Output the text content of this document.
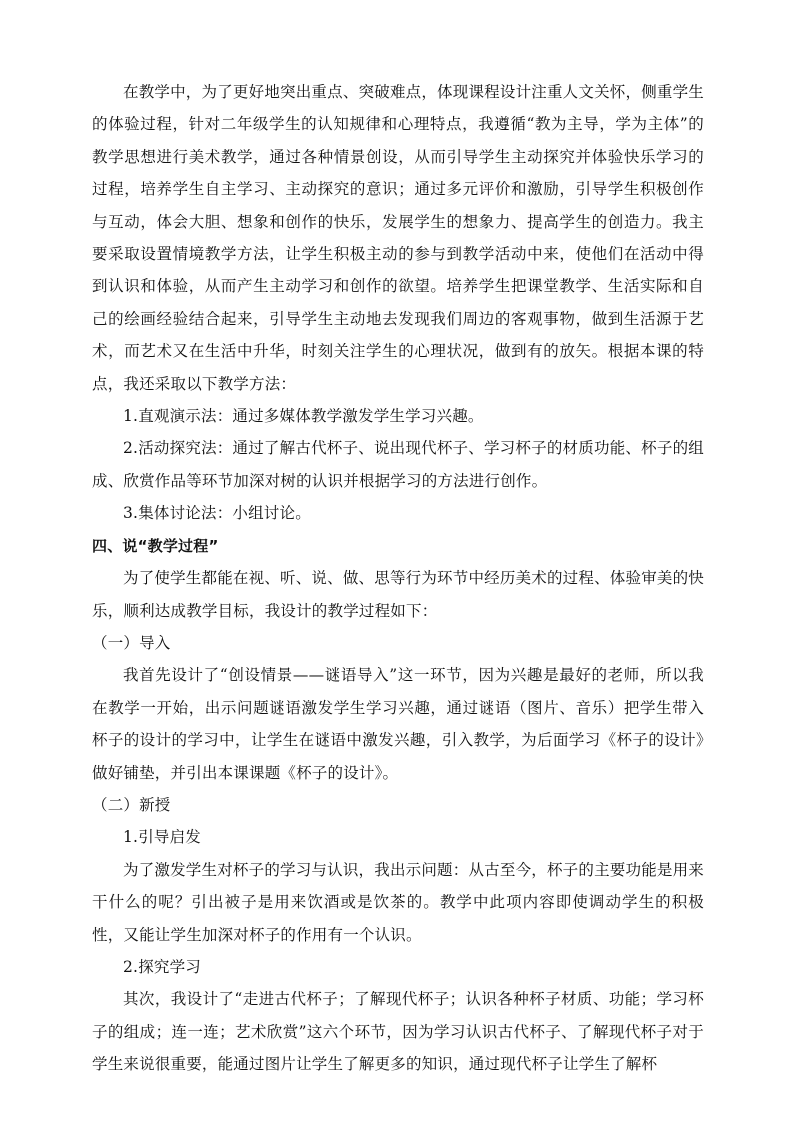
在教学中，为了更好地突出重点、突破难点，体现课程设计注重人文关怀，侧重学生的体验过程，针对二年级学生的认知规律和心理特点，我遵循“教为主导，学为主体”的教学思想进行美术教学，通过各种情景创设，从而引导学生主动探究并体验快乐学习的过程，培养学生自主学习、主动探究的意识；通过多元评价和激励，引导学生积极创作与互动，体会大胆、想象和创作的快乐，发展学生的想象力、提高学生的创造力。我主要采取设置情境教学方法，让学生积极主动的参与到教学活动中来，使他们在活动中得到认识和体验，从而产生主动学习和创作的欲望。培养学生把课堂教学、生活实际和自己的绘画经验结合起来，引导学生主动地去发现我们周边的客观事物，做到生活源于艺术，而艺术又在生活中升华，时刻关注学生的心理状况，做到有的放矢。根据本课的特点，我还采取以下教学方法：

1.直观演示法：通过多媒体教学激发学生学习兴趣。

2.活动探究法：通过了解古代杯子、说出现代杯子、学习杯子的材质功能、杯子的组成、欣赏作品等环节加深对树的认识并根据学习的方法进行创作。

3.集体讨论法：小组讨论。

四、说“教学过程”

为了使学生都能在视、听、说、做、思等行为环节中经历美术的过程、体验审美的快乐，顺利达成教学目标，我设计的教学过程如下：

（一）导入

我首先设计了“创设情景——谜语导入”这一环节，因为兴趣是最好的老师，所以我在教学一开始，出示问题谜语激发学生学习兴趣，通过谜语（图片、音乐）把学生带入杯子的设计的学习中，让学生在谜语中激发兴趣，引入教学，为后面学习《杯子的设计》做好铺垫，并引出本课课题《杯子的设计》。

（二）新授

1.引导启发

为了激发学生对杯子的学习与认识，我出示问题：从古至今，杯子的主要功能是用来干什么的呢？引出被子是用来饮酒或是饮茶的。教学中此项内容即使调动学生的积极性，又能让学生加深对杯子的作用有一个认识。

2.探究学习

其次，我设计了“走进古代杯子；了解现代杯子；认识各种杯子材质、功能；学习杯子的组成；连一连；艺术欣赏”这六个环节，因为学习认识古代杯子、了解现代杯子对于学生来说很重要，能通过图片让学生了解更多的知识，通过现代杯子让学生了解杯
